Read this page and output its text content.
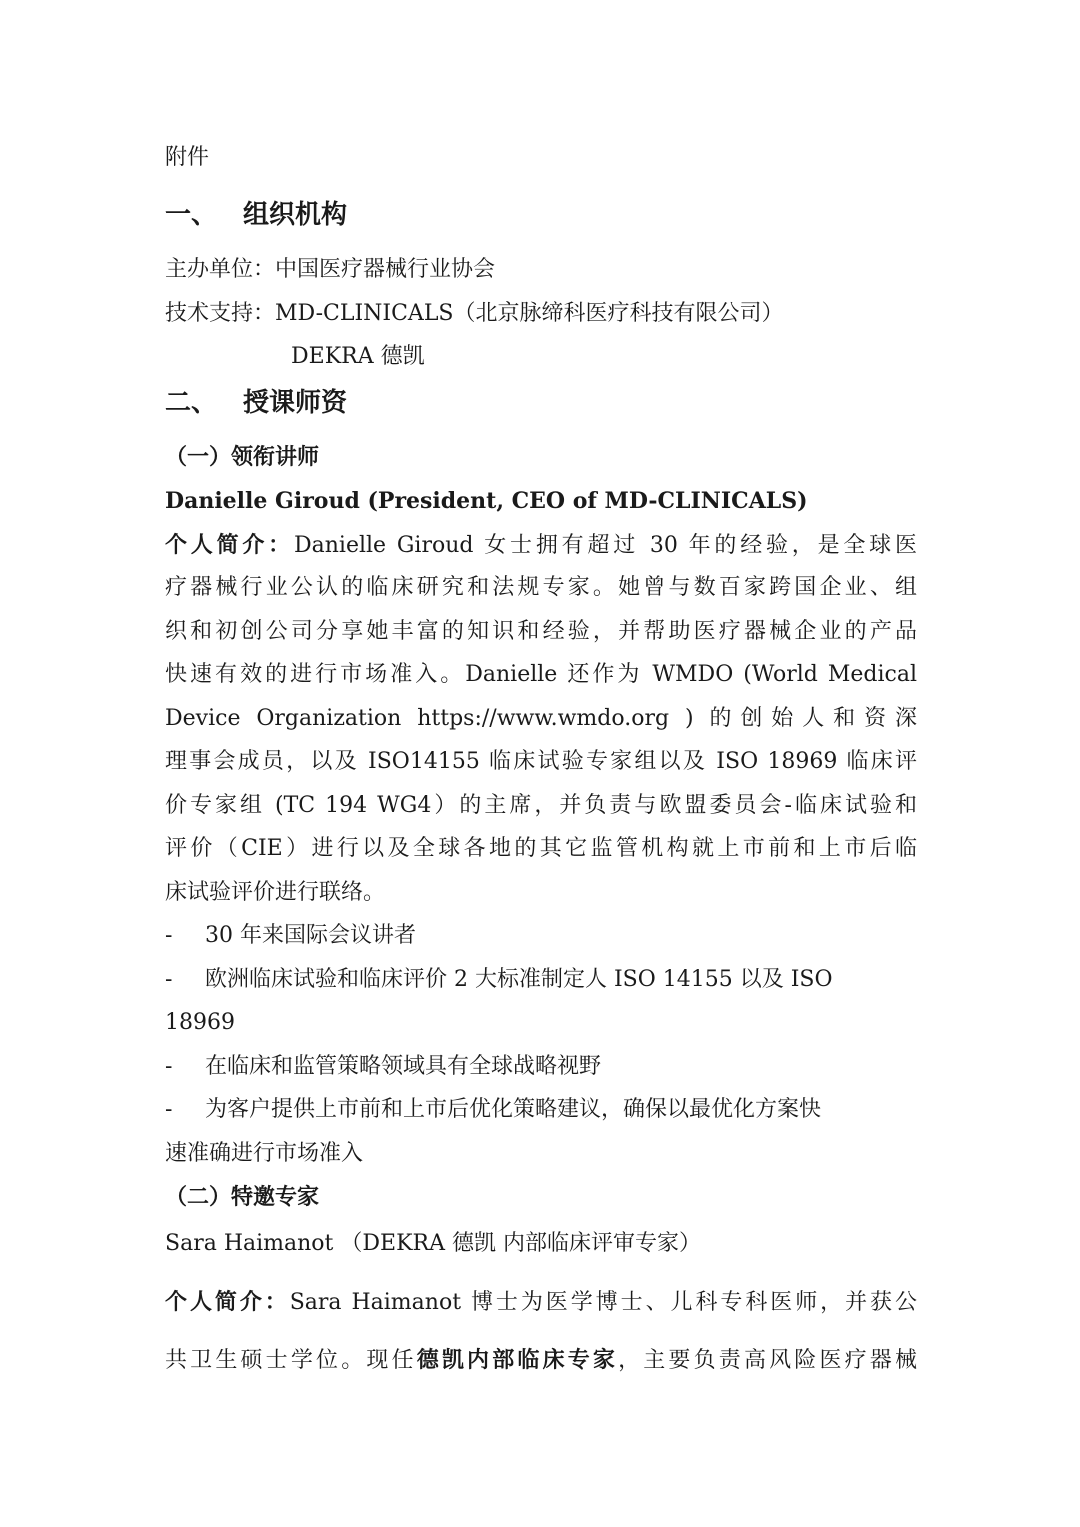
附件
一、 组织机构
主办单位：中国医疗器械行业协会
技术支持：MD-CLINICALS（北京脉缔科医疗科技有限公司）
DEKRA 德凯
二、 授课师资
（一）领衔讲师
Danielle Giroud (President, CEO of MD-CLINICALS)
个人简介：Danielle Giroud 女士拥有超过 30 年的经验，是全球医
疗器械行业公认的临床研究和法规专家。她曾与数百家跨国企业、组
织和初创公司分享她丰富的知识和经验，并帮助医疗器械企业的产品
快速有效的进行市场准入。Danielle 还作为 WMDO (World Medical
Device Organization https://www.wmdo.org ) 的创始人和资深
理事会成员，以及 ISO14155 临床试验专家组以及 ISO 18969 临床评
价专家组 (TC 194 WG4）的主席，并负责与欧盟委员会-临床试验和
评价（CIE）进行以及全球各地的其它监管机构就上市前和上市后临
床试验评价进行联络。
- 30 年来国际会议讲者
- 欧洲临床试验和临床评价 2 大标准制定人 ISO 14155 以及 ISO
18969
- 在临床和监管策略领域具有全球战略视野
- 为客户提供上市前和上市后优化策略建议，确保以最优化方案快
速准确进行市场准入
（二）特邀专家
Sara Haimanot （DEKRA 德凯 内部临床评审专家）
个人简介：Sara Haimanot 博士为医学博士、儿科专科医师，并获公
共卫生硕士学位。现任德凯内部临床专家，主要负责高风险医疗器械
